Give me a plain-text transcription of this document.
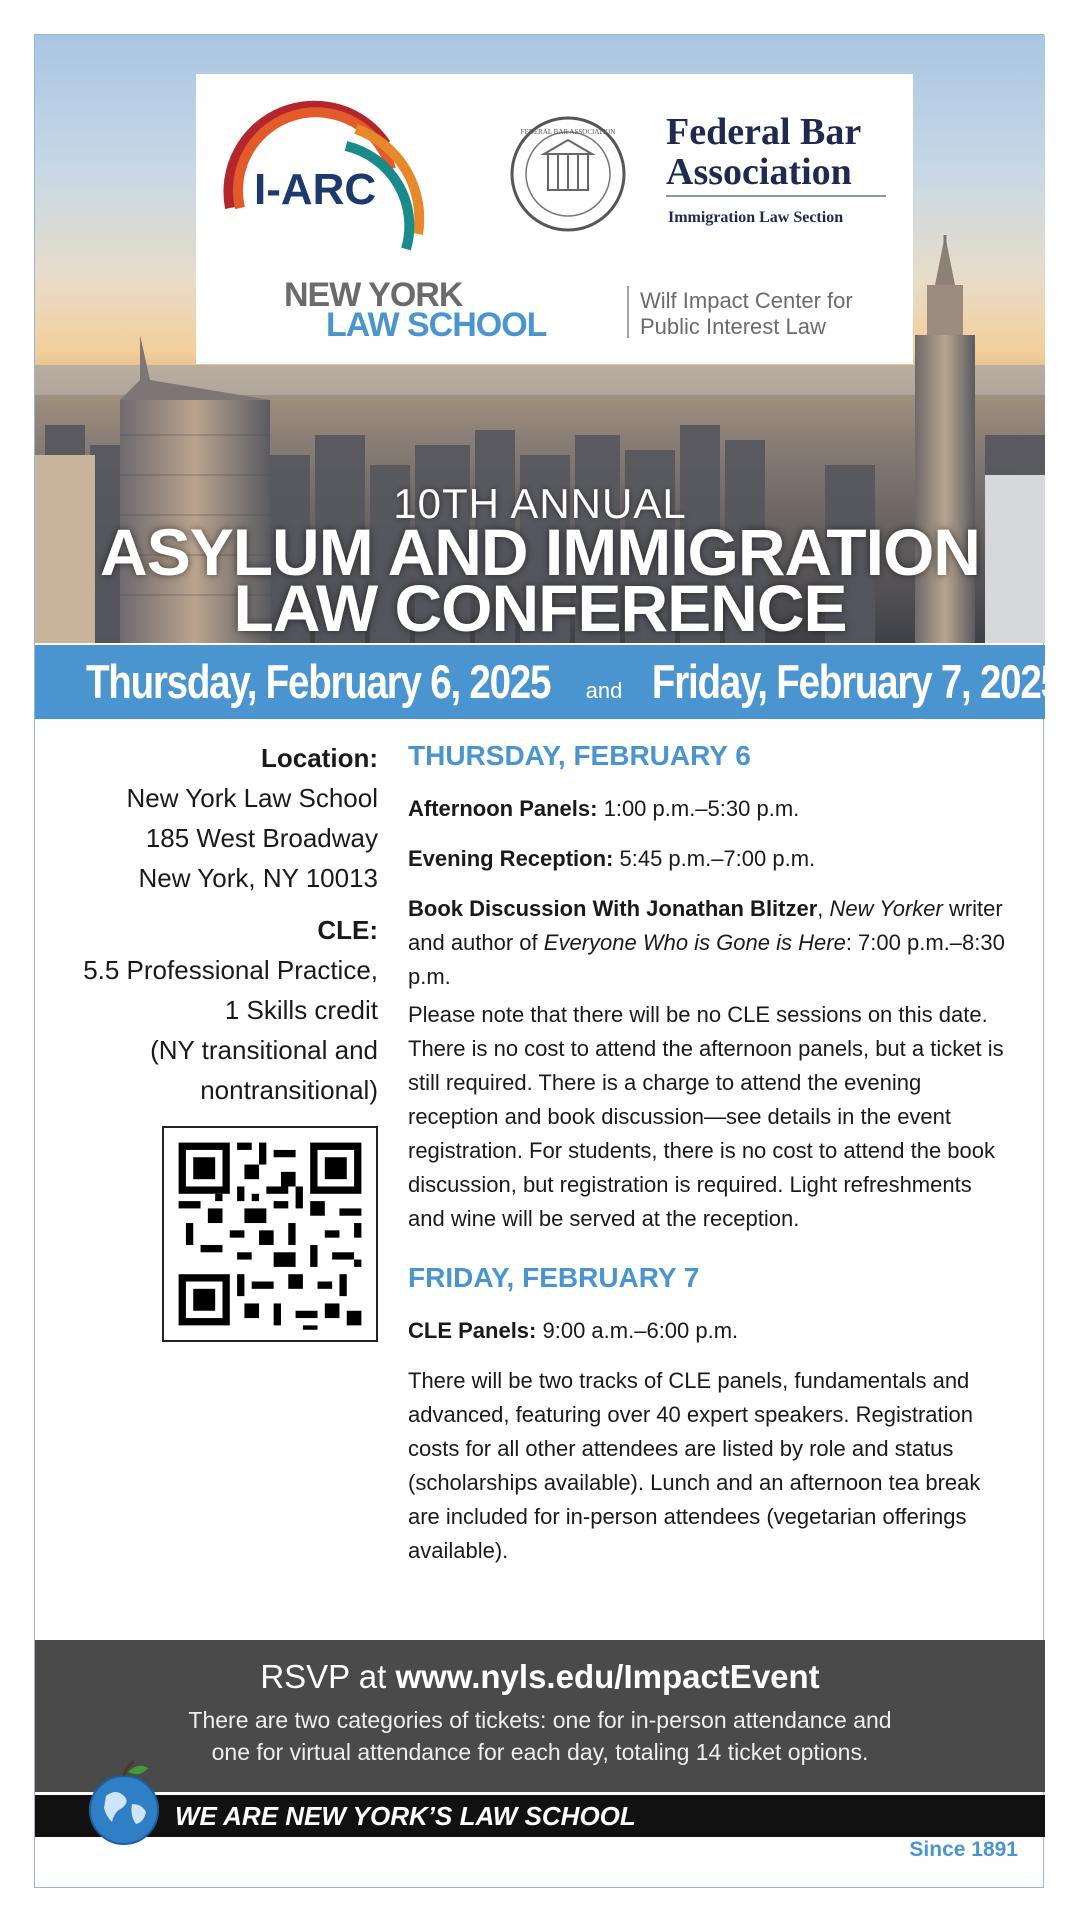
I-ARC
FEDERAL BAR ASSOCIATION Federal Bar
Association
Immigration Law Section
NEW YORK
LAW SCHOOL
Wilf Impact Center for
Public Interest Law
10TH ANNUAL
ASYLUM AND IMMIGRATION
LAW CONFERENCE
Thursday, February 6, 2025 and Friday, February 7, 2025
Location:
New York Law School
185 West Broadway
New York, NY 10013
CLE:
5.5 Professional Practice,
1 Skills credit
(NY transitional and
nontransitional)
THURSDAY, FEBRUARY 6

Afternoon Panels: 1:00 p.m.–5:30 p.m.

Evening Reception: 5:45 p.m.–7:00 p.m.

Book Discussion With Jonathan Blitzer, New Yorker writer and author of Everyone Who is Gone is Here: 7:00 p.m.–8:30 p.m.

Please note that there will be no CLE sessions on this date. There is no cost to attend the afternoon panels, but a ticket is still required. There is a charge to attend the evening reception and book discussion—see details in the event registration. For students, there is no cost to attend the book discussion, but registration is required. Light refreshments and wine will be served at the reception.

FRIDAY, FEBRUARY 7

CLE Panels: 9:00 a.m.–6:00 p.m.

There will be two tracks of CLE panels, fundamentals and advanced, featuring over 40 expert speakers. Registration costs for all other attendees are listed by role and status (scholarships available). Lunch and an afternoon tea break are included for in-person attendees (vegetarian offerings available).

RSVP at www.nyls.edu/ImpactEvent
There are two categories of tickets: one for in-person attendance and
one for virtual attendance for each day, totaling 14 ticket options.
WE ARE NEW YORK’S LAW SCHOOL
Since 1891
